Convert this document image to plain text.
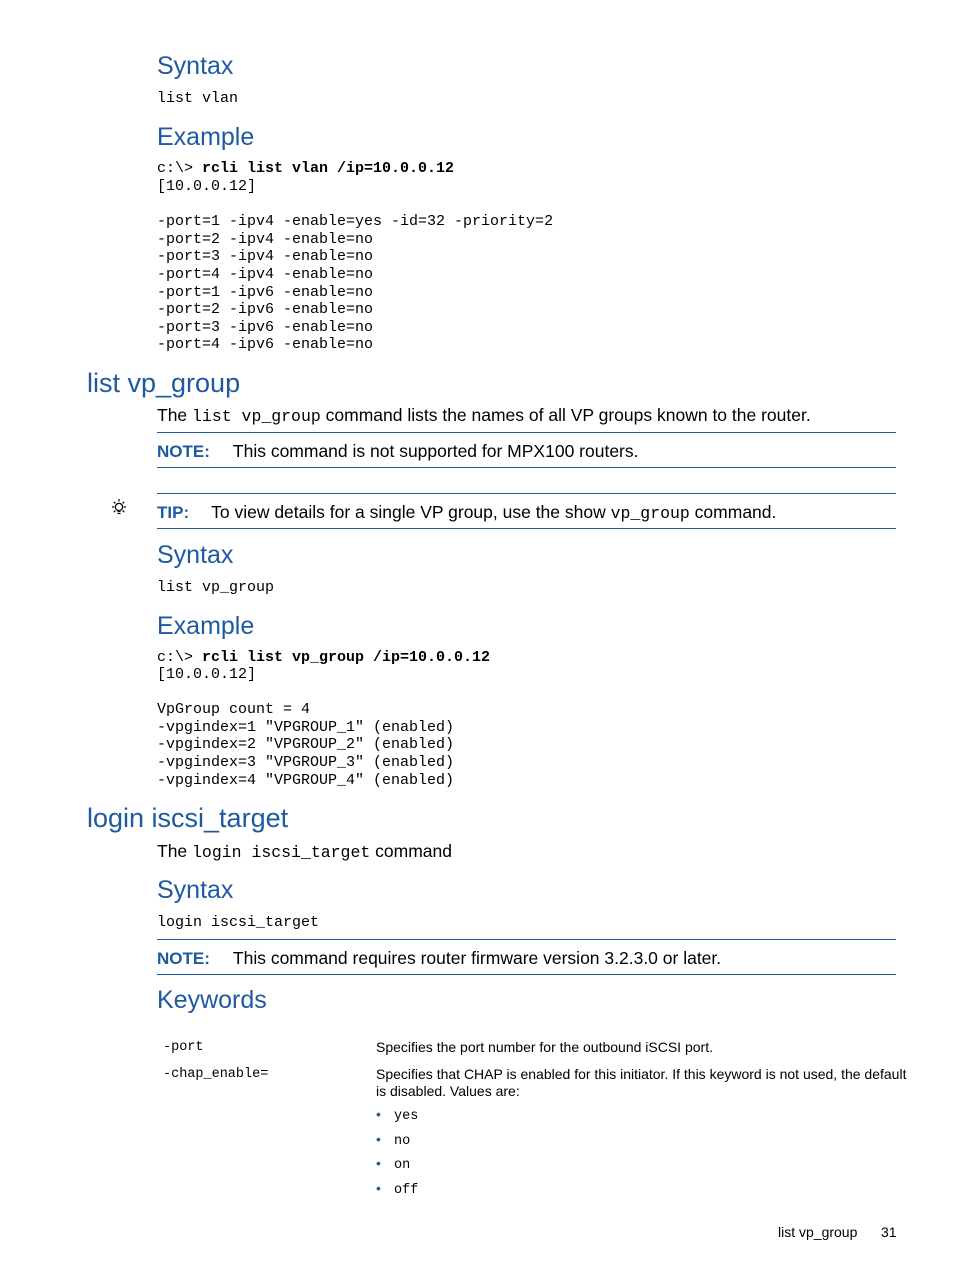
Syntax
list vlan
Example
c:\> rcli list vlan /ip=10.0.0.12
[10.0.0.12]

-port=1 -ipv4 -enable=yes -id=32 -priority=2
-port=2 -ipv4 -enable=no
-port=3 -ipv4 -enable=no
-port=4 -ipv4 -enable=no
-port=1 -ipv6 -enable=no
-port=2 -ipv6 -enable=no
-port=3 -ipv6 -enable=no
-port=4 -ipv6 -enable=no
list vp_group
The list vp_group command lists the names of all VP groups known to the router.
NOTE: This command is not supported for MPX100 routers.
TIP: To view details for a single VP group, use the show vp_group command.
Syntax
list vp_group
Example
c:\> rcli list vp_group /ip=10.0.0.12
[10.0.0.12]

VpGroup count = 4
-vpgindex=1 "VPGROUP_1" (enabled)
-vpgindex=2 "VPGROUP_2" (enabled)
-vpgindex=3 "VPGROUP_3" (enabled)
-vpgindex=4 "VPGROUP_4" (enabled)
login iscsi_target
The login iscsi_target command
Syntax
login iscsi_target
NOTE: This command requires router firmware version 3.2.3.0 or later.
Keywords
-port	Specifies the port number for the outbound iSCSI port.
-chap_enable=	Specifies that CHAP is enabled for this initiator. If this keyword is not used, the default
is disabled. Values are:
• yes
• no
• on
• off
list vp_group 31
